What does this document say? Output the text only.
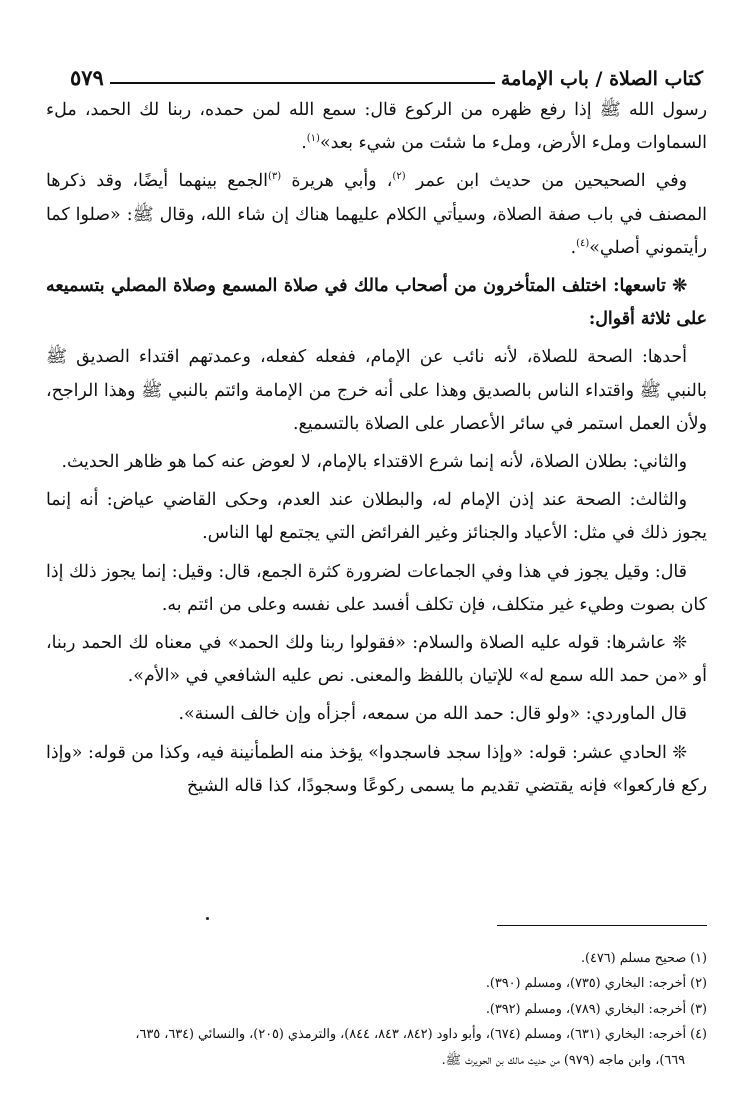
كتاب الصلاة / باب الإمامة
٥٧٩

رسول الله ﷺ إذا رفع ظهره من الركوع قال: سمع الله لمن حمده، ربنا لك الحمد، ملء السماوات وملء الأرض، وملء ما شئت من شيء بعد»$^{(١)}$.

وفي الصحيحين من حديث ابن عمر $^{(٢)}$، وأبي هريرة $^{(٣)}$الجمع بينهما أيضًا، وقد ذكرها المصنف في باب صفة الصلاة، وسيأتي الكلام عليهما هناك إن شاء الله، وقال ﷺ: «صلوا كما رأيتموني أصلي»$^{(٤)}$.

❊ تاسعها: اختلف المتأخرون من أصحاب مالك في صلاة المسمع وصلاة المصلي بتسميعه على ثلاثة أقوال:

أحدها: الصحة للصلاة، لأنه نائب عن الإمام، ففعله كفعله، وعمدتهم اقتداء الصديق ﷺ بالنبي ﷺ واقتداء الناس بالصديق وهذا على أنه خرج من الإمامة وائتم بالنبي ﷺ وهذا الراجح، ولأن العمل استمر في سائر الأعصار على الصلاة بالتسميع.

والثاني: بطلان الصلاة، لأنه إنما شرع الاقتداء بالإمام، لا لعوض عنه كما هو ظاهر الحديث.

والثالث: الصحة عند إذن الإمام له، والبطلان عند العدم، وحكى القاضي عياض: أنه إنما يجوز ذلك في مثل: الأعياد والجنائز وغير الفرائض التي يجتمع لها الناس.

قال: وقيل يجوز في هذا وفي الجماعات لضرورة كثرة الجمع، قال: وقيل: إنما يجوز ذلك إذا كان بصوت وطيء غير متكلف، فإن تكلف أفسد على نفسه وعلى من ائتم به.

❊ عاشرها: قوله عليه الصلاة والسلام: «فقولوا ربنا ولك الحمد» في معناه لك الحمد ربنا، أو «من حمد الله سمع له» للإتيان باللفظ والمعنى. نص عليه الشافعي في «الأم».

قال الماوردي: «ولو قال: حمد الله من سمعه، أجزأه وإن خالف السنة».

❊ الحادي عشر: قوله: «وإذا سجد فاسجدوا» يؤخذ منه الطمأنينة فيه، وكذا من قوله: «وإذا ركع فاركعوا» فإنه يقتضي تقديم ما يسمى ركوعًا وسجودًا، كذا قاله الشيخ

(١) صحيح مسلم (٤٧٦).

(٢) أخرجه: البخاري (٧٣٥)، ومسلم (٣٩٠).

(٣) أخرجه: البخاري (٧٨٩)، ومسلم (٣٩٢).

(٤) أخرجه: البخاري (٦٣١)، ومسلم (٦٧٤)، وأبو داود (٨٤٢، ٨٤٣، ٨٤٤)، والترمذي (٢٠٥)، والنسائي (٦٣٤، ٦٣٥،

٦٦٩)، وابن ماجه (٩٧٩) من حديث مالك بن الحويرث ﷺ.
